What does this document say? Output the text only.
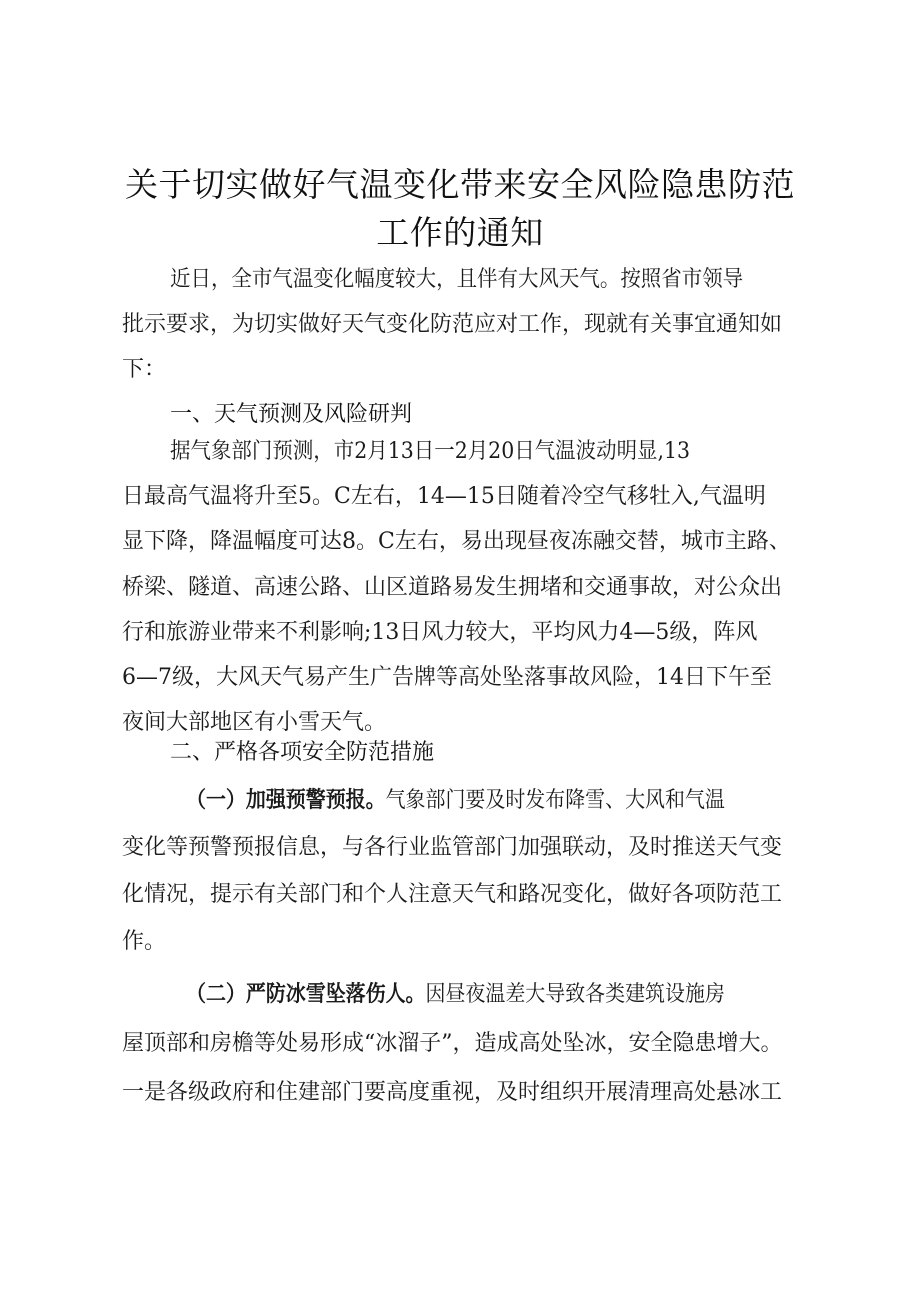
关于切实做好气温变化带来安全风险隐患防范
工作的通知

近日，全市气温变化幅度较大，且伴有大风天气。按照省市领导

批示要求，为切实做好天气变化防范应对工作，现就有关事宜通知如

下：

一、天气预测及风险研判

据气象部门预测，市2月13日一2月20日气温波动明显,13

日最高气温将升至5。C左右，14—15日随着冷空气移牡入,气温明

显下降，降温幅度可达8。C左右，易出现昼夜冻融交替，城市主路、

桥梁、隧道、高速公路、山区道路易发生拥堵和交通事故，对公众出

行和旅游业带来不利影响;13日风力较大，平均风力4—5级，阵风

6—7级，大风天气易产生广告牌等高处坠落事故风险，14日下午至

夜间大部地区有小雪天气。

二、严格各项安全防范措施

（一）加强预警预报。气象部门要及时发布降雪、大风和气温

变化等预警预报信息，与各行业监管部门加强联动，及时推送天气变

化情况，提示有关部门和个人注意天气和路况变化，做好各项防范工

作。

（二）严防冰雪坠落伤人。因昼夜温差大导致各类建筑设施房

屋顶部和房檐等处易形成“冰溜子”，造成高处坠冰，安全隐患增大。

一是各级政府和住建部门要高度重视，及时组织开展清理高处悬冰工
